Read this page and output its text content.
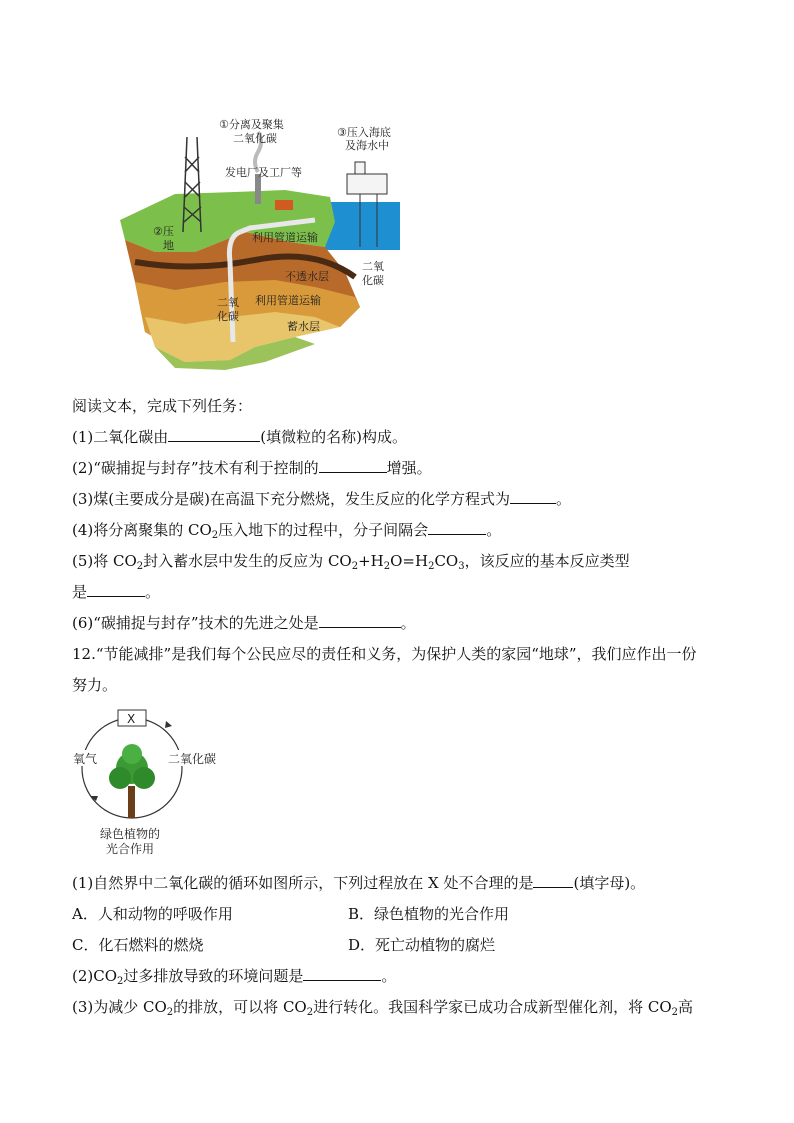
①分离及聚集
二氧化碳	③压入海底
及海水中
发电厂及工厂等
②压
地
利用管道运输
不透水层
二氧
化碳
利用管道运输
二氧
化碳
蓄水层
阅读文本，完成下列任务：
(1)二氧化碳由	(填微粒的名称)构成。
(2)“碳捕捉与封存”技术有利于控制的	增强。
(3)煤(主要成分是碳)在高温下充分燃烧，发生反应的化学方程式为	。
(4)将分离聚集的 $CO_2$压入地下的过程中，分子间隔会	。
(5)将 $CO_2$封入蓄水层中发生的反应为 $CO_2+H_2O=H_2CO_3$，该反应的基本反应类型
是	。
(6)“碳捕捉与封存”技术的先进之处是	。
12.“节能减排”是我们每个公民应尽的责任和义务，为保护人类的家园“地球”，我们应作出一份
努力。
X
氧气	二氧化碳
绿色植物的
光合作用
(1)自然界中二氧化碳的循环如图所示，下列过程放在 X 处不合理的是	(填字母)。
A．人和动物的呼吸作用	B．绿色植物的光合作用
C．化石燃料的燃烧	D．死亡动植物的腐烂
$(2)CO_2$过多排放导致的环境问题是	。
(3)为减少 $CO_2$的排放，可以将 $CO_2$进行转化。我国科学家已成功合成新型催化剂，将 $CO_2$高
